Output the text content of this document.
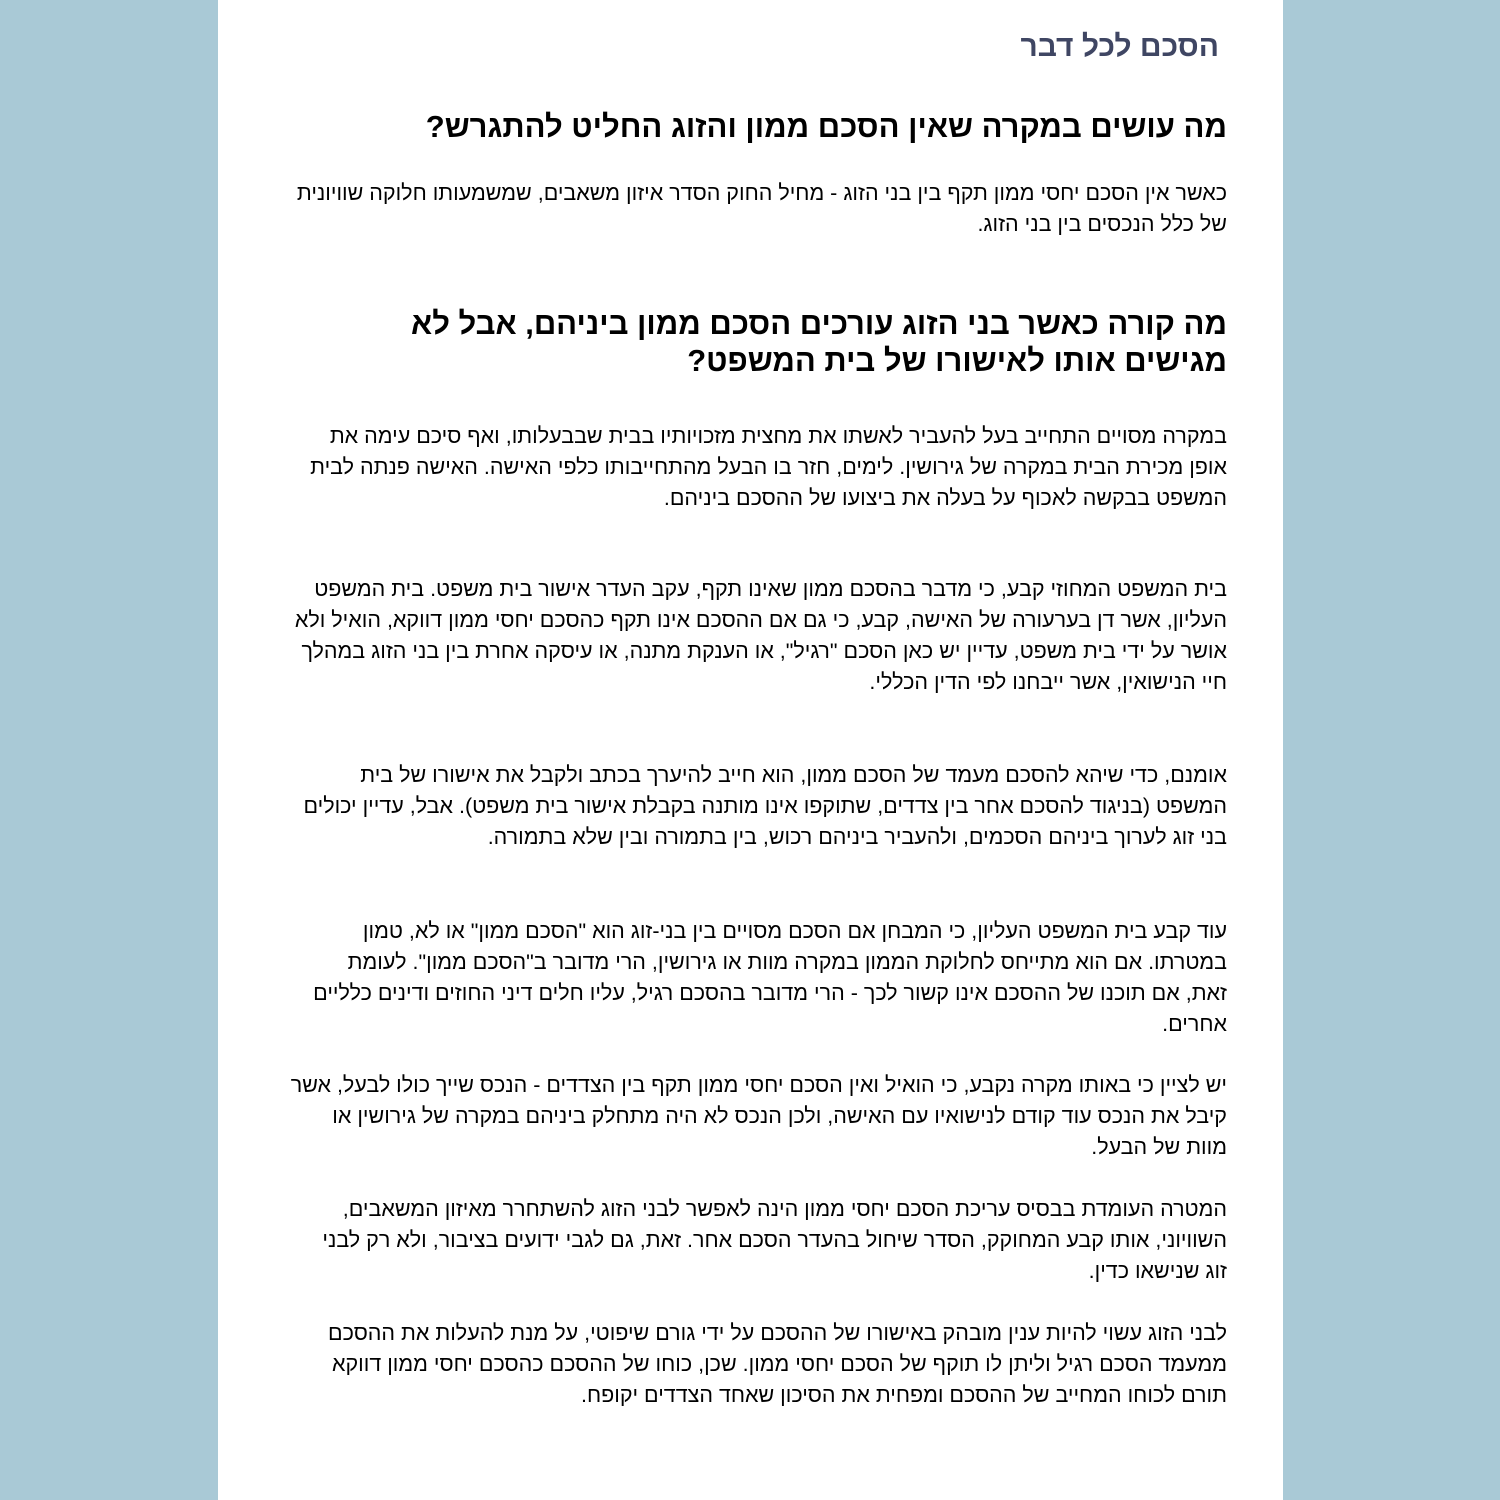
הסכם לכל דבר
מה עושים במקרה שאין הסכם ממון והזוג החליט להתגרש?
כאשר אין הסכם יחסי ממון תקף בין בני הזוג - מחיל החוק הסדר איזון משאבים, שמשמעותו חלוקה שוויונית של כלל הנכסים בין בני הזוג.
מה קורה כאשר בני הזוג עורכים הסכם ממון ביניהם, אבל לא מגישים אותו לאישורו של בית המשפט?
במקרה מסויים התחייב בעל להעביר לאשתו את מחצית מזכויותיו בבית שבבעלותו, ואף סיכם עימה את אופן מכירת הבית במקרה של גירושין. לימים, חזר בו הבעל מהתחייבותו כלפי האישה. האישה פנתה לבית המשפט בבקשה לאכוף על בעלה את ביצועו של ההסכם ביניהם.
בית המשפט המחוזי קבע, כי מדבר בהסכם ממון שאינו תקף, עקב העדר אישור בית משפט. בית המשפט העליון, אשר דן בערעורה של האישה, קבע, כי גם אם ההסכם אינו תקף כהסכם יחסי ממון דווקא, הואיל ולא אושר על ידי בית משפט, עדיין יש כאן הסכם "רגיל", או הענקת מתנה, או עיסקה אחרת בין בני הזוג במהלך חיי הנישואין, אשר ייבחנו לפי הדין הכללי.
אומנם, כדי שיהא להסכם מעמד של הסכם ממון, הוא חייב להיערך בכתב ולקבל את אישורו של בית המשפט (בניגוד להסכם אחר בין צדדים, שתוקפו אינו מותנה בקבלת אישור בית משפט). אבל, עדיין יכולים בני זוג לערוך ביניהם הסכמים, ולהעביר ביניהם רכוש, בין בתמורה ובין שלא בתמורה.
עוד קבע בית המשפט העליון, כי המבחן אם הסכם מסויים בין בני-זוג הוא "הסכם ממון" או לא, טמון במטרתו. אם הוא מתייחס לחלוקת הממון במקרה מוות או גירושין, הרי מדובר ב"הסכם ממון". לעומת זאת, אם תוכנו של ההסכם אינו קשור לכך - הרי מדובר בהסכם רגיל, עליו חלים דיני החוזים ודינים כלליים אחרים.
יש לציין כי באותו מקרה נקבע, כי הואיל ואין הסכם יחסי ממון תקף בין הצדדים - הנכס שייך כולו לבעל, אשר קיבל את הנכס עוד קודם לנישואיו עם האישה, ולכן הנכס לא היה מתחלק ביניהם במקרה של גירושין או מוות של הבעל.
המטרה העומדת בבסיס עריכת הסכם יחסי ממון הינה לאפשר לבני הזוג להשתחרר מאיזון המשאבים, השוויוני, אותו קבע המחוקק, הסדר שיחול בהעדר הסכם אחר. זאת, גם לגבי ידועים בציבור, ולא רק לבני זוג שנישאו כדין.
לבני הזוג עשוי להיות ענין מובהק באישורו של ההסכם על ידי גורם שיפוטי, על מנת להעלות את ההסכם ממעמד הסכם רגיל וליתן לו תוקף של הסכם יחסי ממון. שכן, כוחו של ההסכם כהסכם יחסי ממון דווקא תורם לכוחו המחייב של ההסכם ומפחית את הסיכון שאחד הצדדים יקופח.
